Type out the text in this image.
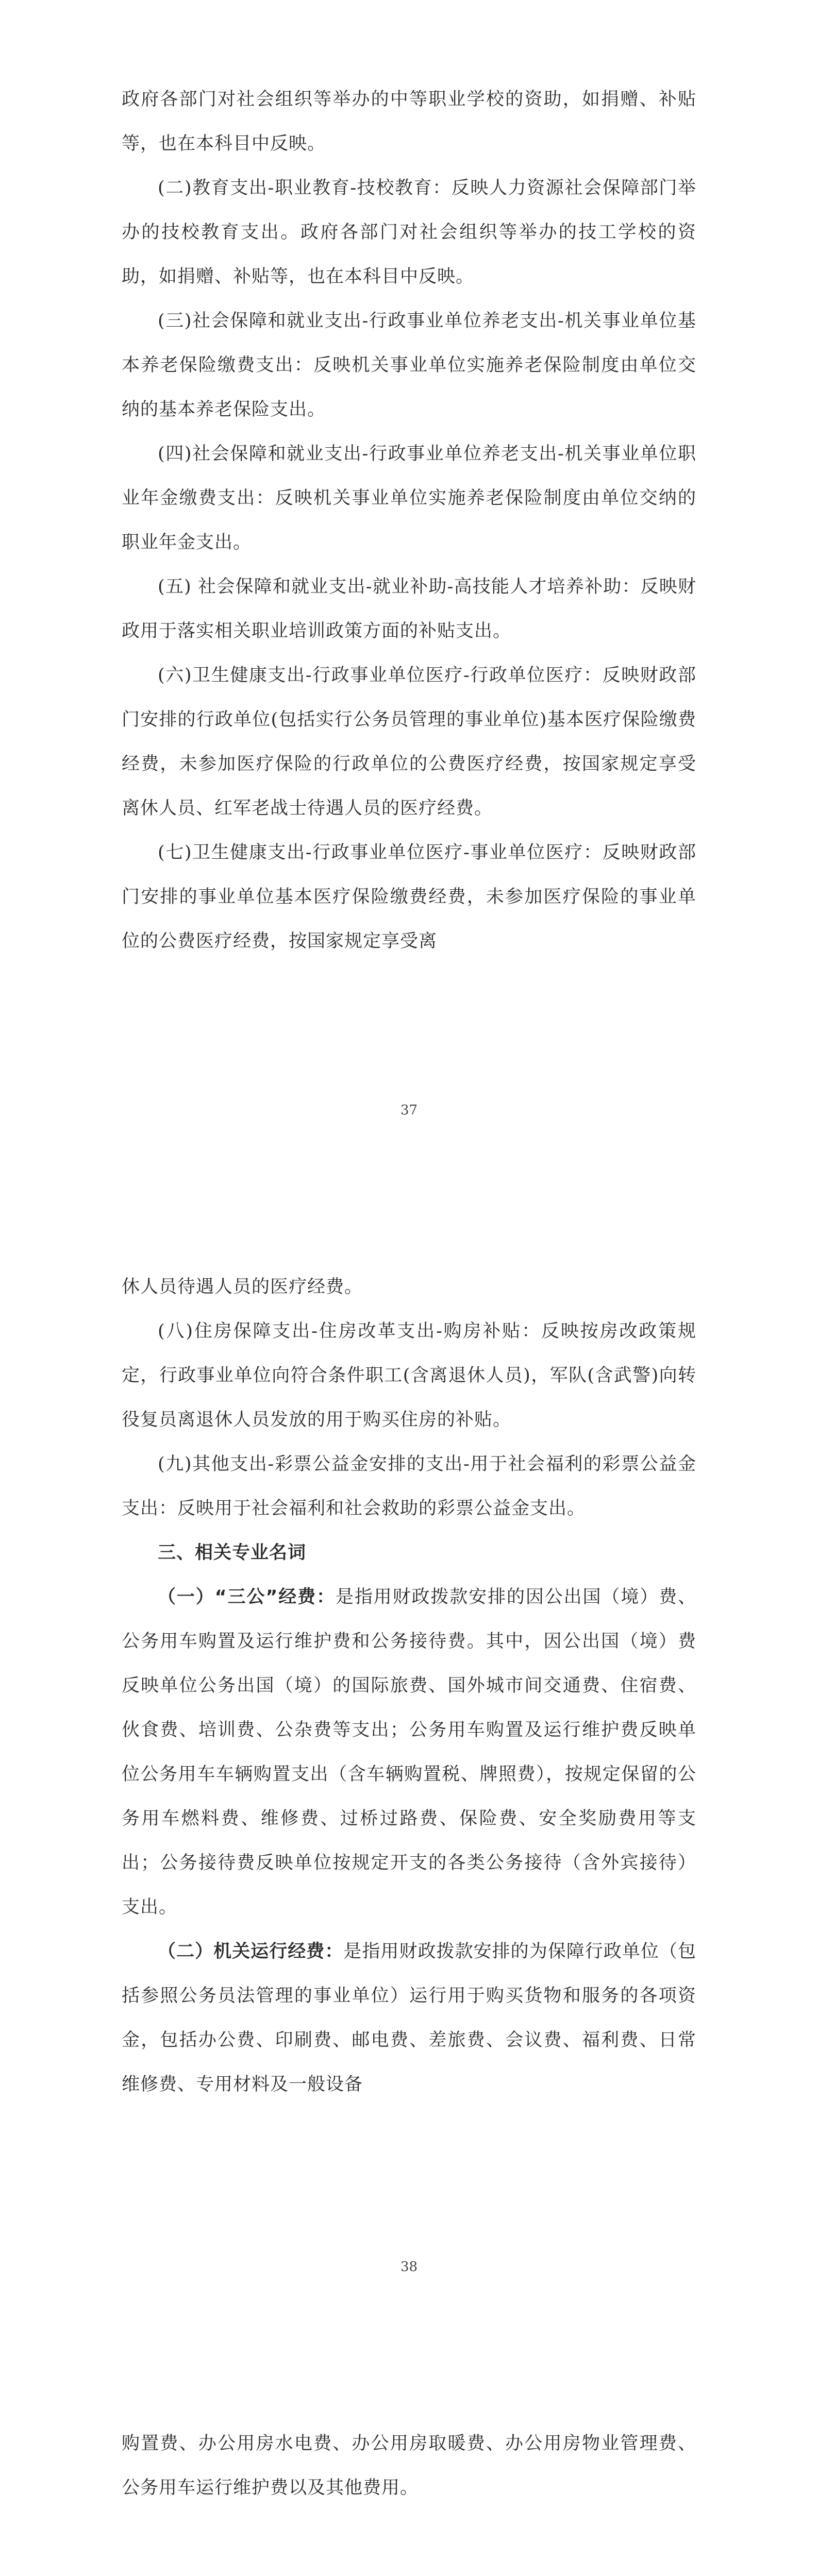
政府各部门对社会组织等举办的中等职业学校的资助，如捐赠、补贴等，也在本科目中反映。

(二)教育支出-职业教育-技校教育：反映人力资源社会保障部门举办的技校教育支出。政府各部门对社会组织等举办的技工学校的资助，如捐赠、补贴等，也在本科目中反映。

(三)社会保障和就业支出-行政事业单位养老支出-机关事业单位基本养老保险缴费支出：反映机关事业单位实施养老保险制度由单位交纳的基本养老保险支出。

(四)社会保障和就业支出-行政事业单位养老支出-机关事业单位职业年金缴费支出：反映机关事业单位实施养老保险制度由单位交纳的职业年金支出。

(五) 社会保障和就业支出-就业补助-高技能人才培养补助：反映财政用于落实相关职业培训政策方面的补贴支出。

(六)卫生健康支出-行政事业单位医疗-行政单位医疗：反映财政部门安排的行政单位(包括实行公务员管理的事业单位)基本医疗保险缴费经费，未参加医疗保险的行政单位的公费医疗经费，按国家规定享受离休人员、红军老战士待遇人员的医疗经费。

(七)卫生健康支出-行政事业单位医疗-事业单位医疗：反映财政部门安排的事业单位基本医疗保险缴费经费，未参加医疗保险的事业单位的公费医疗经费，按国家规定享受离

37

休人员待遇人员的医疗经费。

(八)住房保障支出-住房改革支出-购房补贴：反映按房改政策规定，行政事业单位向符合条件职工(含离退休人员)，军队(含武警)向转役复员离退休人员发放的用于购买住房的补贴。

(九)其他支出-彩票公益金安排的支出-用于社会福利的彩票公益金支出：反映用于社会福利和社会救助的彩票公益金支出。

三、相关专业名词

（一）“三公”经费：是指用财政拨款安排的因公出国（境）费、公务用车购置及运行维护费和公务接待费。其中，因公出国（境）费反映单位公务出国（境）的国际旅费、国外城市间交通费、住宿费、伙食费、培训费、公杂费等支出；公务用车购置及运行维护费反映单位公务用车车辆购置支出（含车辆购置税、牌照费），按规定保留的公务用车燃料费、维修费、过桥过路费、保险费、安全奖励费用等支出；公务接待费反映单位按规定开支的各类公务接待（含外宾接待）支出。

（二）机关运行经费：是指用财政拨款安排的为保障行政单位（包括参照公务员法管理的事业单位）运行用于购买货物和服务的各项资金，包括办公费、印刷费、邮电费、差旅费、会议费、福利费、日常维修费、专用材料及一般设备

38

购置费、办公用房水电费、办公用房取暖费、办公用房物业管理费、公务用车运行维护费以及其他费用。
